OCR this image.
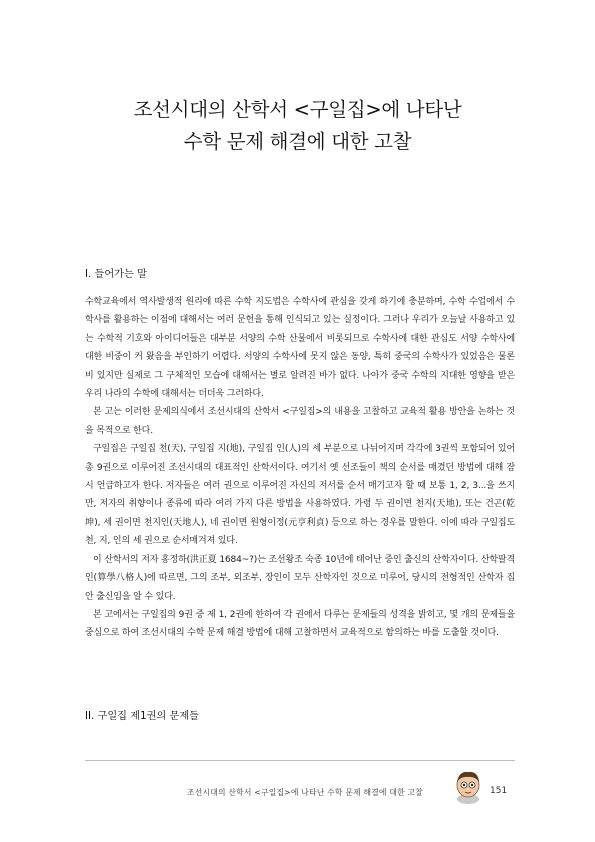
조선시대의 산학서 <구일집>에 나타난
수학 문제 해결에 대한 고찰
I. 들어가는 말

수학교육에서 역사발생적 원리에 따른 수학 지도법은 수학사에 관심을 갖게 하기에 충분하며, 수학 수업에서 수학사를 활용하는 이점에 대해서는 여러 문헌을 통해 인식되고 있는 실정이다. 그러나 우리가 오늘날 사용하고 있는 수학적 기호와 아이디어들은 대부분 서양의 수학 산물에서 비롯되므로 수학사에 대한 관심도 서양 수학사에 대한 비중이 커 왔음을 부인하기 어렵다. 서양의 수학사에 못지 않은 동양, 특히 중국의 수학사가 있었음은 물론 비 있지만 실제로 그 구체적인 모습에 대해서는 별로 알려진 바가 없다. 나아가 중국 수학의 지대한 영향을 받은 우리 나라의 수학에 대해서는 더더욱 그러하다.

본 고는 이러한 문제의식에서 조선시대의 산학서 <구일집>의 내용을 고찰하고 교육적 활용 방안을 논하는 것을 목적으로 한다.

구일집은 구일집 천(天), 구일집 지(地), 구일집 인(人)의 세 부분으로 나뉘어지며 각각에 3권씩 포함되어 있어 총 9권으로 이루어진 조선시대의 대표적인 산학서이다. 여기서 옛 선조들이 책의 순서를 매겼던 방법에 대해 잠시 언급하고자 한다. 저자들은 여러 권으로 이루어진 자신의 저서를 순서 매기고자 할 때 보통 1, 2, 3...을 쓰지만, 저자의 취향이나 종류에 따라 여러 가지 다른 방법을 사용하였다. 가령 두 권이면 천지(天地), 또는 건곤(乾坤), 세 권이면 천지인(天地人), 네 권이면 원형이정(元亨利貞) 등으로 하는 경우를 말한다. 이에 따라 구일집도 천, 지, 인의 세 권으로 순서매겨져 있다.

이 산학서의 저자 홍정하(洪正夏 1684~?)는 조선왕조 숙종 10년에 태어난 중인 출신의 산학자이다. 산학팔격인(算學八格人)에 따르면, 그의 조부, 외조부, 장인이 모두 산학자인 것으로 미루어, 당시의 전형적인 산학자 집안 출신임을 알 수 있다.

본 고에서는 구일집의 9권 중 제 1, 2권에 한하여 각 권에서 다루는 문제들의 성격을 밝히고, 몇 개의 문제들을 중심으로 하여 조선시대의 수학 문제 해결 방법에 대해 고찰하면서 교육적으로 함의하는 바를 도출할 것이다.

II. 구일집 제1권의 문제들
조선시대의 산학서 <구일집>에 나타난 수학 문제 해결에 대한 고찰	151
